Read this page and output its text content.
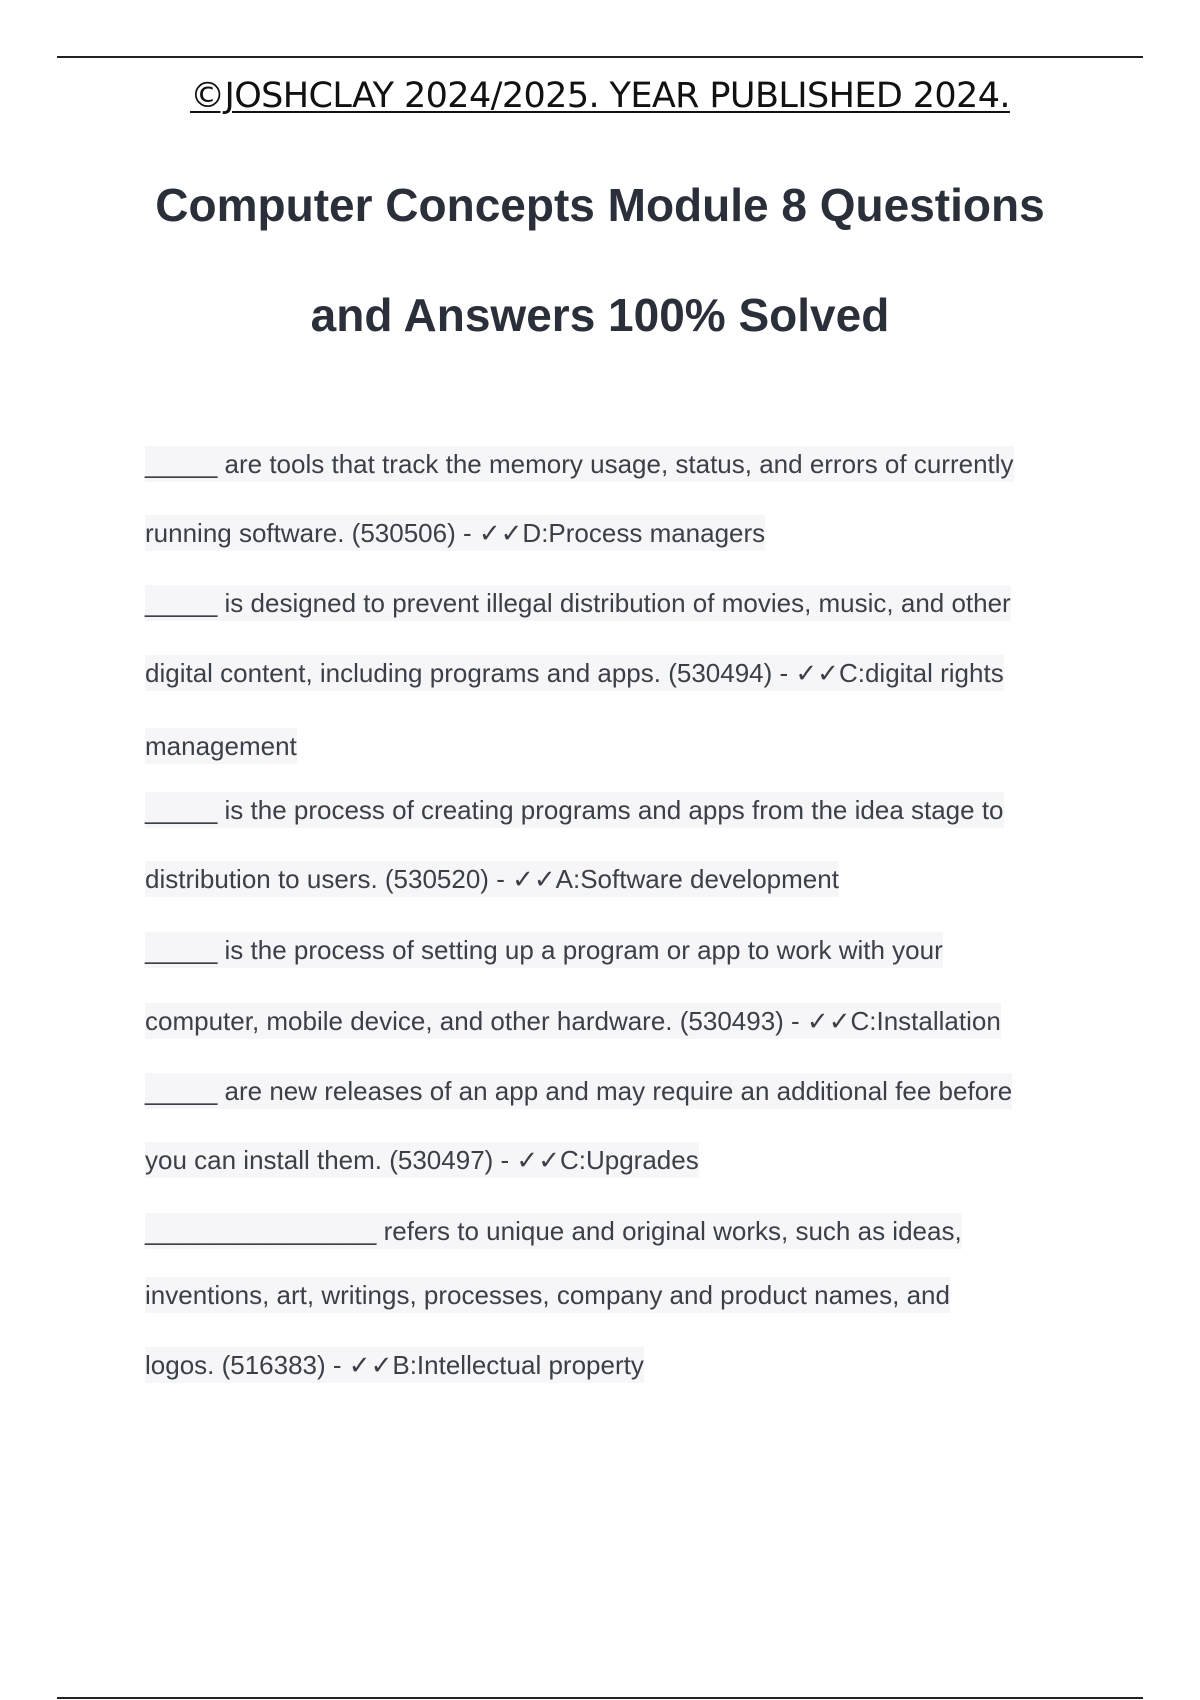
©JOSHCLAY 2024/2025. YEAR PUBLISHED 2024.
Computer Concepts Module 8 Questions
and Answers 100% Solved
_____ are tools that track the memory usage, status, and errors of currently
running software. (530506) - ✓✓D:Process managers
_____ is designed to prevent illegal distribution of movies, music, and other
digital content, including programs and apps. (530494) - ✓✓C:digital rights
management
_____ is the process of creating programs and apps from the idea stage to
distribution to users. (530520) - ✓✓A:Software development
_____ is the process of setting up a program or app to work with your
computer, mobile device, and other hardware. (530493) - ✓✓C:Installation
_____ are new releases of an app and may require an additional fee before
you can install them. (530497) - ✓✓C:Upgrades
________________ refers to unique and original works, such as ideas,
inventions, art, writings, processes, company and product names, and
logos. (516383) - ✓✓B:Intellectual property
